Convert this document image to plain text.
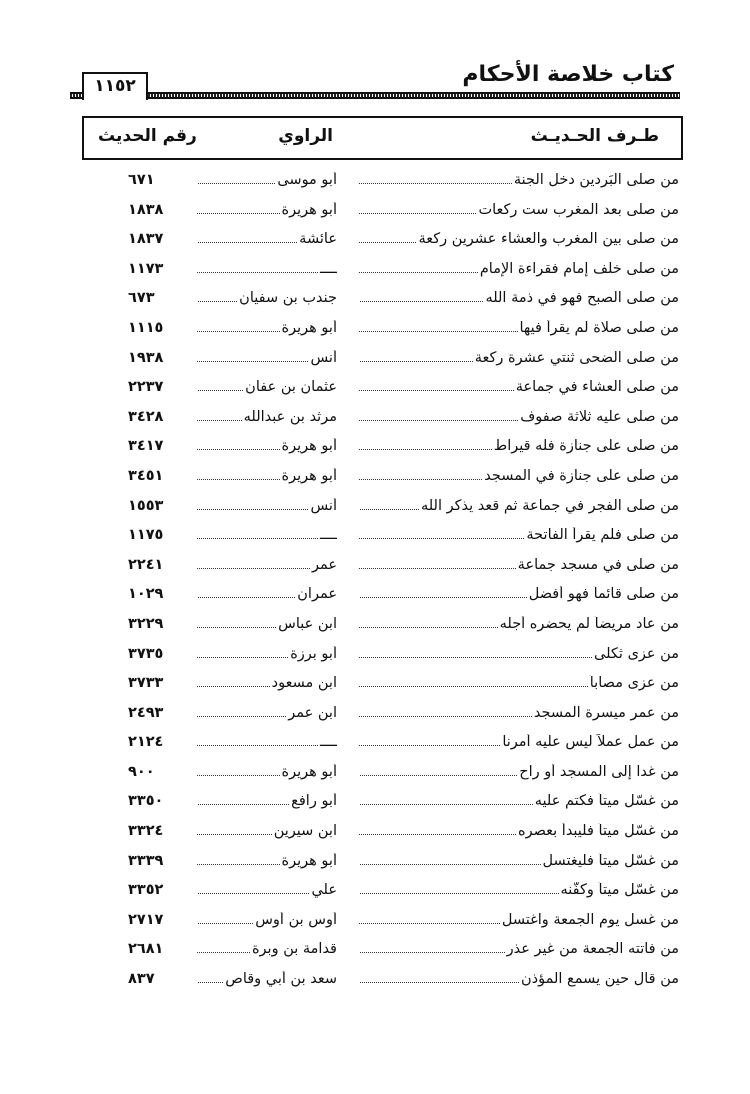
كتاب خلاصة الأحكام
١١٥٢
طـرف الحـديـث
الراوي
رقم الحديث
من صلى البَردين دخل الجنة
أبو موسى
٦٧١
من صلى بعد المغرب ست ركعات
أبو هريرة
١٨٣٨
من صلى بين المغرب والعشاء عشرين ركعة
عائشة
١٨٣٧
من صلى خلف إمام فقراءة الإمام
ــــ
١١٧٣
من صلى الصبح فهو في ذمة الله
جندب بن سفيان
٦٧٣
من صلى صلاة لم يقرأ فيها
أبو هريرة
١١١٥
من صلى الضحى ثنتي عشرة ركعة
أنس
١٩٣٨
من صلى العشاء في جماعة
عثمان بن عفان
٢٢٣٧
من صلى عليه ثلاثة صفوف
مرثد بن عبدالله
٣٤٢٨
من صلى على جنازة فله قيراط
أبو هريرة
٣٤١٧
من صلى على جنازة في المسجد
أبو هريرة
٣٤٥١
من صلى الفجر في جماعة ثم قعد يذكر الله
أنس
١٥٥٣
من صلى فلم يقرأ الفاتحة
ــــ
١١٧٥
من صلى في مسجد جماعة
عمر
٢٢٤١
من صلى قائماً فهو أفضل
عمران
١٠٢٩
من عاد مريضاً لم يحضره أجله
ابن عباس
٣٢٢٩
من عزى ثكلى
أبو برزة
٣٧٣٥
من عزى مصاباً
ابن مسعود
٣٧٣٣
من عمر ميسرة المسجد
ابن عمر
٢٤٩٣
من عمل عملاً ليس عليه أمرنا
ــــ
٢١٢٤
من غدا إلى المسجد أو راح
أبو هريرة
٩٠٠
من غسّل ميتاً فكتم عليه
أبو رافع
٣٣٥٠
من غسّل ميتاً فليبدأ بعصره
ابن سيرين
٣٣٢٤
من غسّل ميتاً فليغتسل
أبو هريرة
٣٣٣٩
من غسّل ميتاً وكفّنه
علي
٣٣٥٢
من غسل يوم الجمعة واغتسل
أوس بن أوس
٢٧١٧
من فاتته الجمعة من غير عذر
قدامة بن وبرة
٢٦٨١
من قال حين يسمع المؤذن
سعد بن أبي وقاص
٨٣٧
